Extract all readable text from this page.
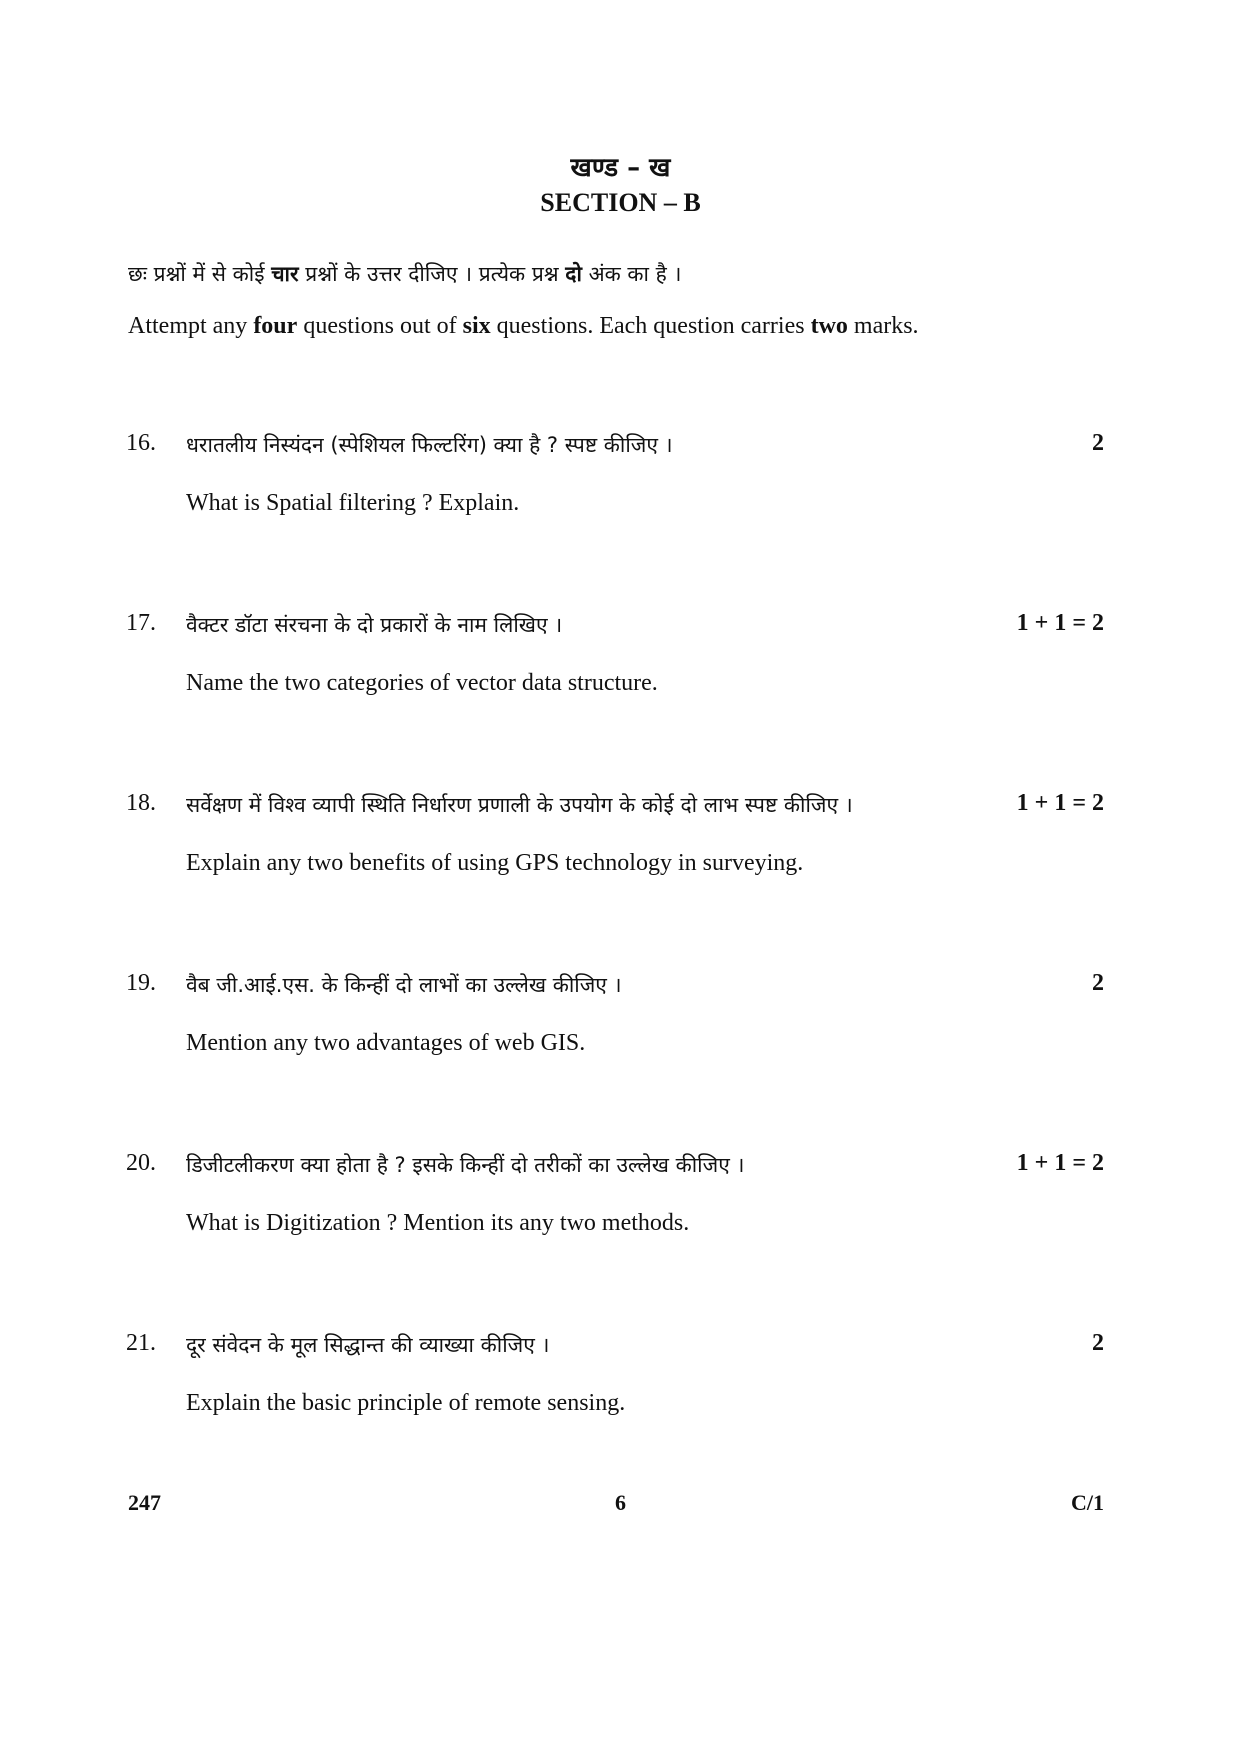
खण्ड – ख
SECTION – B
छः प्रश्नों में से कोई चार प्रश्नों के उत्तर दीजिए । प्रत्येक प्रश्न दो अंक का है ।
Attempt any four questions out of six questions. Each question carries two marks.
16. धरातलीय निस्यंदन (स्पेशियल फिल्टरिंग) क्या है ? स्पष्ट कीजिए ।	2
What is Spatial filtering ? Explain.
17. वैक्टर डॉटा संरचना के दो प्रकारों के नाम लिखिए ।	1 + 1 = 2
Name the two categories of vector data structure.
18. सर्वेक्षण में विश्व व्यापी स्थिति निर्धारण प्रणाली के उपयोग के कोई दो लाभ स्पष्ट कीजिए ।	1 + 1 = 2
Explain any two benefits of using GPS technology in surveying.
19. वैब जी.आई.एस. के किन्हीं दो लाभों का उल्लेख कीजिए ।	2
Mention any two advantages of web GIS.
20. डिजीटलीकरण क्या होता है ? इसके किन्हीं दो तरीकों का उल्लेख कीजिए ।	1 + 1 = 2
What is Digitization ? Mention its any two methods.
21. दूर संवेदन के मूल सिद्धान्त की व्याख्या कीजिए ।	2
Explain the basic principle of remote sensing.
247	6	C/1
